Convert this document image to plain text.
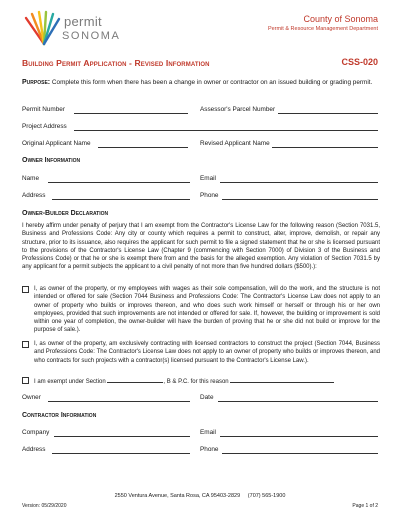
permit
SONOMA
County of Sonoma
Permit & Resource Management Department
Building Permit Application - Revised Information	CSS-020
Purpose: Complete this form when there has been a change in owner or contractor on an issued building or grading permit.
Permit Number	Assessor's Parcel Number
Project Address
Original Applicant Name	Revised Applicant Name
Owner Information
Name	Email
Address	Phone
Owner-Builder Declaration
I hereby affirm under penalty of perjury that I am exempt from the Contractor's License Law for the following reason (Section 7031.5, Business and Professions Code: Any city or county which requires a permit to construct, alter, improve, demolish, or repair any structure, prior to its issuance, also requires the applicant for such permit to file a signed statement that he or she is licensed pursuant to the provisions of the Contractor's License Law (Chapter 9 (commencing with Section 7000) of Division 3 of the Business and Professions Code) or that he or she is exempt there from and the basis for the alleged exemption. Any violation of Section 7031.5 by any applicant for a permit subjects the applicant to a civil penalty of not more than five hundred dollars ($500).):
I, as owner of the property, or my employees with wages as their sole compensation, will do the work, and the structure is not intended or offered for sale (Section 7044 Business and Professions Code: The Contractor's License Law does not apply to an owner of property who builds or improves thereon, and who does such work himself or herself or through his or her own employees, provided that such improvements are not intended or offered for sale. If, however, the building or improvement is sold within one year of completion, the owner-builder will have the burden of proving that he or she did not build or improve for the purpose of sale.).
I, as owner of the property, am exclusively contracting with licensed contractors to construct the project (Section 7044, Business and Professions Code: The Contractor's License Law does not apply to an owner of property who builds or improves thereon, and who contracts for such projects with a contractor(s) licensed pursuant to the Contractor's License Law.).
I am exempt under Section	, B & P.C. for this reason
Owner	Date
Contractor Information
Company	Email
Address	Phone
2550 Ventura Avenue, Santa Rosa, CA 95403-2829     (707) 565-1900
Version: 05/29/2020	Page 1 of 2
